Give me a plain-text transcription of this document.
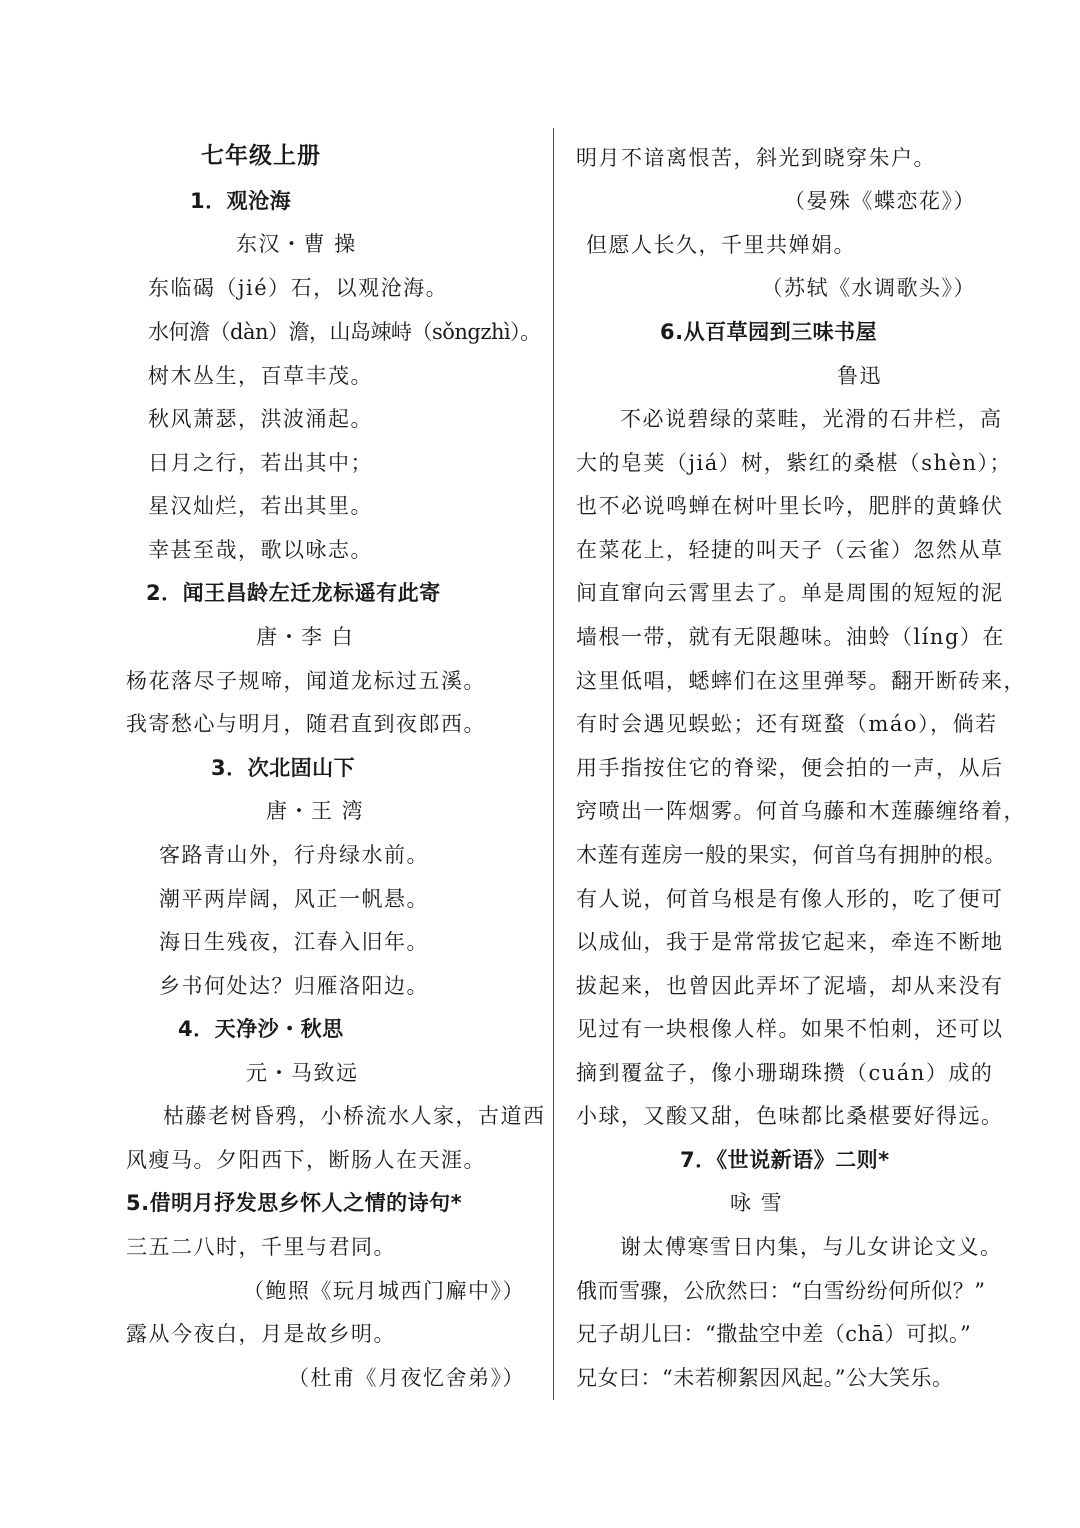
七年级上册
1．观沧海
东汉・曹 操
东临碣（jié）石，以观沧海。
水何澹（dàn）澹，山岛竦峙（sǒngzhì）。
树木丛生，百草丰茂。
秋风萧瑟，洪波涌起。
日月之行，若出其中；
星汉灿烂，若出其里。
幸甚至哉，歌以咏志。
2．闻王昌龄左迁龙标遥有此寄
唐・李 白
杨花落尽子规啼，闻道龙标过五溪。
我寄愁心与明月，随君直到夜郎西。
3．次北固山下
唐・王 湾
客路青山外，行舟绿水前。
潮平两岸阔，风正一帆悬。
海日生残夜，江春入旧年。
乡书何处达？归雁洛阳边。
4．天净沙・秋思
元・马致远
枯藤老树昏鸦，小桥流水人家，古道西
风瘦马。夕阳西下，断肠人在天涯。
5.借明月抒发思乡怀人之情的诗句*
三五二八时，千里与君同。
（鲍照《玩月城西门廨中》）
露从今夜白，月是故乡明。
（杜甫《月夜忆舍弟》）
明月不谙离恨苦，斜光到晓穿朱户。
（晏殊《蝶恋花》）
但愿人长久，千里共婵娟。
（苏轼《水调歌头》）
6.从百草园到三味书屋
鲁迅
不必说碧绿的菜畦，光滑的石井栏，高
大的皂荚（jiá）树，紫红的桑椹（shèn）；
也不必说鸣蝉在树叶里长吟，肥胖的黄蜂伏
在菜花上，轻捷的叫天子（云雀）忽然从草
间直窜向云霄里去了。单是周围的短短的泥
墙根一带，就有无限趣味。油蛉（líng）在
这里低唱，蟋蟀们在这里弹琴。翻开断砖来，
有时会遇见蜈蚣；还有斑蝥（máo），倘若
用手指按住它的脊梁，便会拍的一声，从后
窍喷出一阵烟雾。何首乌藤和木莲藤缠络着，
木莲有莲房一般的果实，何首乌有拥肿的根。
有人说，何首乌根是有像人形的，吃了便可
以成仙，我于是常常拔它起来，牵连不断地
拔起来，也曾因此弄坏了泥墙，却从来没有
见过有一块根像人样。如果不怕刺，还可以
摘到覆盆子，像小珊瑚珠攒（cuán）成的
小球，又酸又甜，色味都比桑椹要好得远。
7．《世说新语》二则*
咏 雪
谢太傅寒雪日内集，与儿女讲论文义。
俄而雪骤，公欣然曰：“白雪纷纷何所似？”
兄子胡儿曰：“撒盐空中差（chā）可拟。”
兄女曰：“未若柳絮因风起。”公大笑乐。
